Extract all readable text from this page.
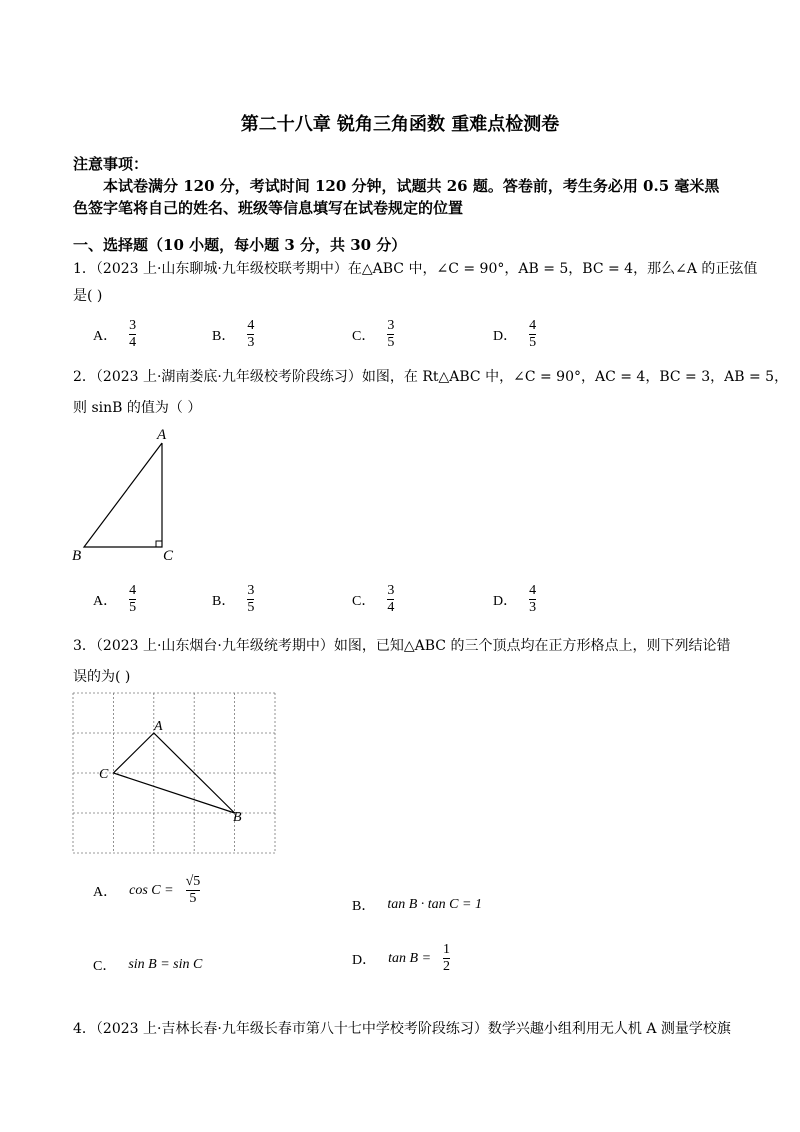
第二十八章 锐角三角函数 重难点检测卷
注意事项：
本试卷满分 120 分，考试时间 120 分钟，试题共 26 题。答卷前，考生务必用 0.5 毫米黑
色签字笔将自己的姓名、班级等信息填写在试卷规定的位置
一、选择题（10 小题，每小题 3 分，共 30 分）
1．（2023 上·山东聊城·九年级校联考期中）在△ABC 中，∠C = 90°，AB = 5，BC = 4，那么∠A 的正弦值
是( )
A． $\frac{3}{4}$	B． $\frac{4}{3}$	C． $\frac{3}{5}$	D． $\frac{4}{5}$
2．（2023 上·湖南娄底·九年级校考阶段练习）如图，在 Rt△ABC 中，∠C = 90°，AC = 4，BC = 3，AB = 5，
则 sinB 的值为（ ）
A
B	C
A． $\frac{4}{5}$	B． $\frac{3}{5}$	C． $\frac{3}{4}$	D． $\frac{4}{3}$
3．（2023 上·山东烟台·九年级统考期中）如图，已知△ABC 的三个顶点均在正方形格点上，则下列结论错
误的为( )
A
C
B
A． $\cos C = \frac{√5}{5}$	B． tan B · tan C = 1
C． sin B = sin C	D． $\tan B = \frac{1}{2}$
4．（2023 上·吉林长春·九年级长春市第八十七中学校考阶段练习）数学兴趣小组利用无人机 A 测量学校旗
